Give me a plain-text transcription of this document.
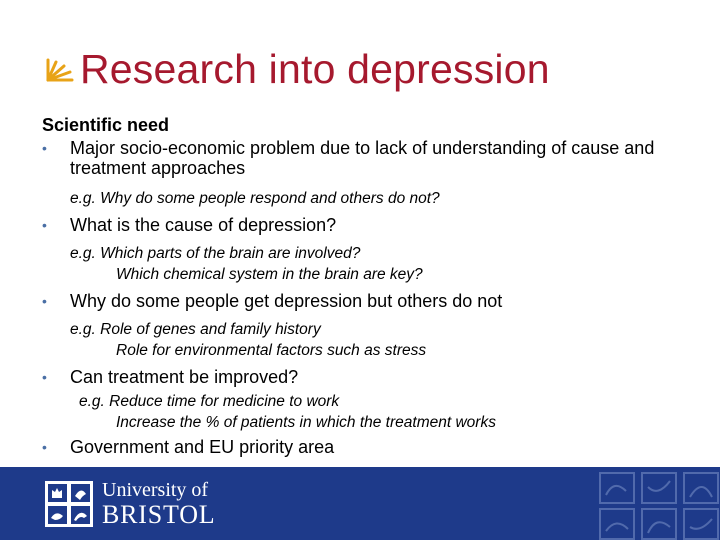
Research into depression
Scientific need
•	Major socio-economic problem due to lack of understanding of cause and treatment approaches
e.g. Why do some people respond and others do not?
•	What is the cause of depression?
e.g. Which parts of the brain are involved?
Which chemical system in the brain are key?
•	Why do some people get depression but others do not
e.g. Role of genes and family history
Role for environmental factors such as stress
•	Can treatment be improved?
e.g. Reduce time for medicine to work
Increase the % of patients in which the treatment works
•	Government and EU priority area
University of
BRISTOL
